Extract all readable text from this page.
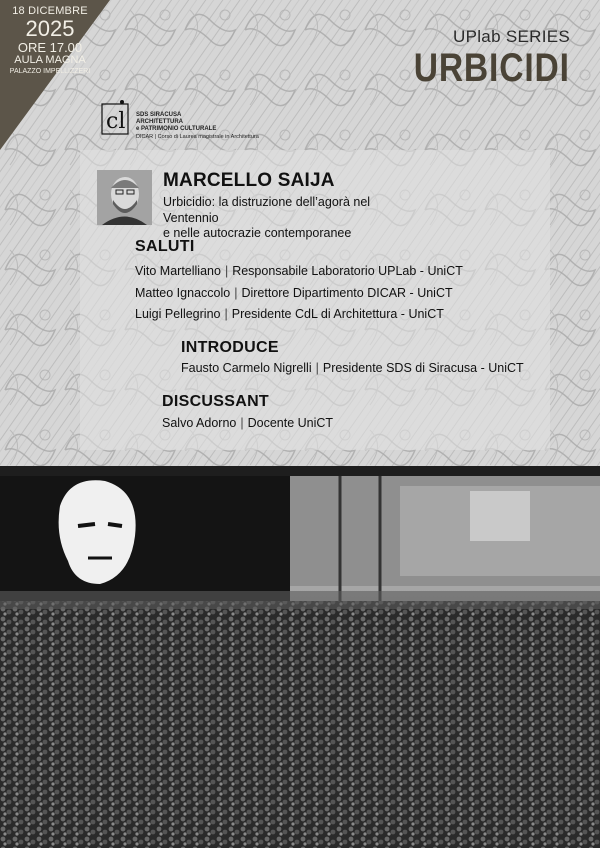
18 DICEMBRE
2025
ORE 17.00
AULA MAGNA
PALAZZO IMPELLIZZERI
UPlab SERIES
URBICIDI
cl SDS SIRACUSA
ARCHITETTURA
e PATRIMONIO CULTURALE
DICAR | Corso di Laurea magistrale in Architettura
MARCELLO SAIJA
Urbicidio: la distruzione dell’agorà nel Ventennio
e nelle autocrazie contemporanee
SALUTI
Vito Martelliano | Responsabile Laboratorio UPLab - UniCT
Matteo Ignaccolo | Direttore Dipartimento DICAR - UniCT
Luigi Pellegrino | Presidente CdL di Architettura - UniCT
INTRODUCE
Fausto Carmelo Nigrelli | Presidente SDS di Siracusa - UniCT
DISCUSSANT
Salvo Adorno | Docente UniCT
